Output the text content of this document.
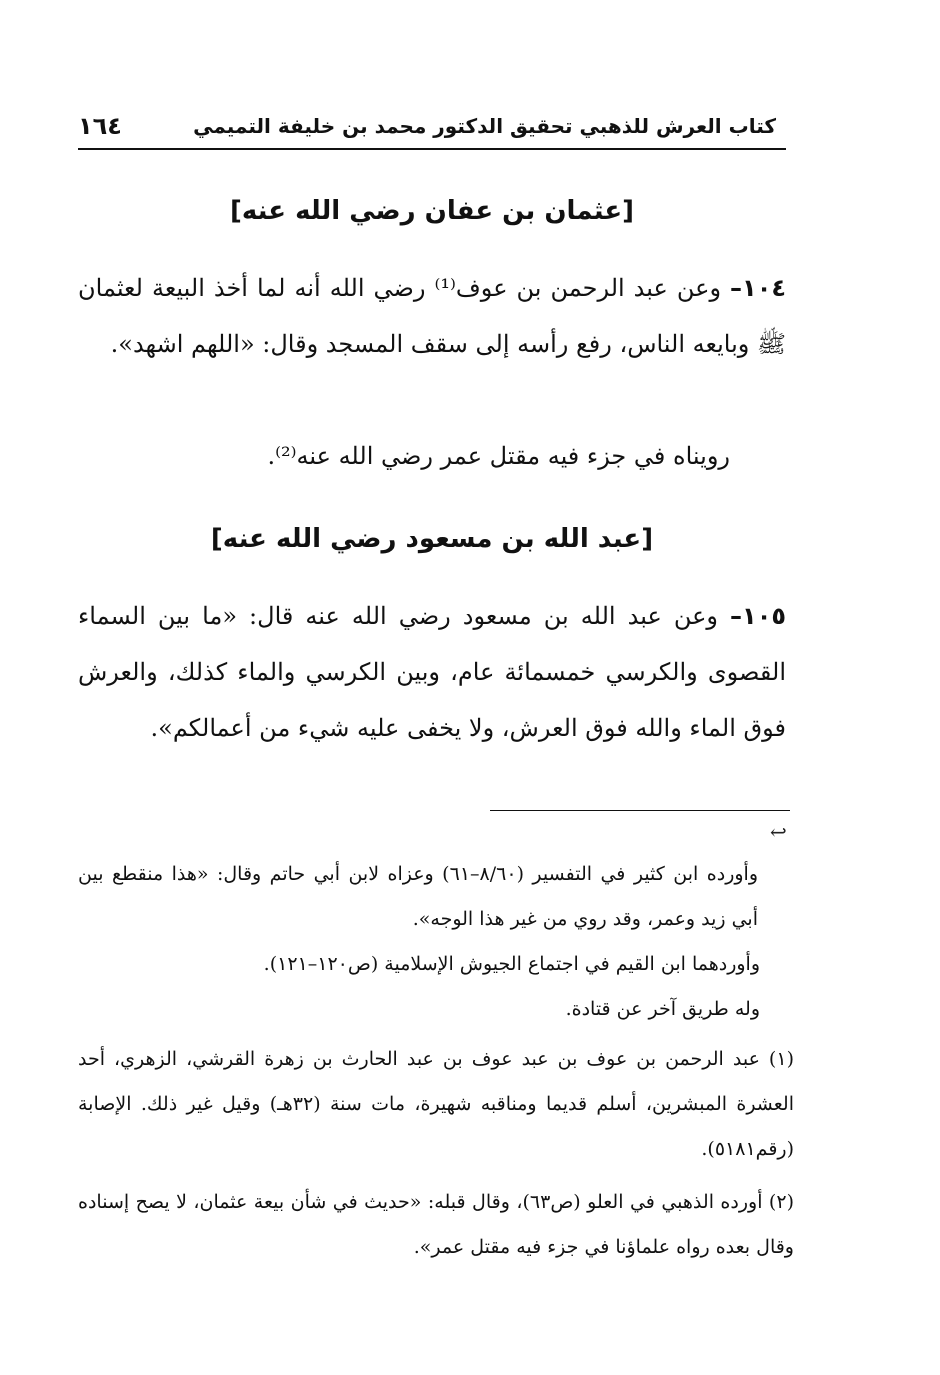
كتاب العرش للذهبي تحقيق الدكتور محمد بن خليفة التميمي
١٦٤
[عثمان بن عفان رضي الله عنه]
١٠٤– وعن عبد الرحمن بن عوف⁽¹⁾ رضي الله أنه لما أخذ البيعة لعثمان ﷺ وبايعه الناس، رفع رأسه إلى سقف المسجد وقال: «اللهم اشهد».
رويناه في جزء فيه مقتل عمر رضي الله عنه⁽²⁾.
[عبد الله بن مسعود رضي الله عنه]
١٠٥– وعن عبد الله بن مسعود رضي الله عنه قال: «ما بين السماء القصوى والكرسي خمسمائة عام، وبين الكرسي والماء كذلك، والعرش فوق الماء والله فوق العرش، ولا يخفى عليه شيء من أعمالكم».
↩
وأورده ابن كثير في التفسير (٨/٦٠–٦١) وعزاه لابن أبي حاتم وقال: «هذا منقطع بين أبي زيد وعمر، وقد روي من غير هذا الوجه».
وأوردهما ابن القيم في اجتماع الجيوش الإسلامية (ص١٢٠–١٢١).
وله طريق آخر عن قتادة.
(١) عبد الرحمن بن عوف بن عبد عوف بن عبد الحارث بن زهرة القرشي، الزهري، أحد العشرة المبشرين، أسلم قديما ومناقبه شهيرة، مات سنة (٣٢هـ) وقيل غير ذلك. الإصابة (رقم٥١٨١).
(٢) أورده الذهبي في العلو (ص٦٣)، وقال قبله: «حديث في شأن بيعة عثمان، لا يصح إسناده وقال بعده رواه علماؤنا في جزء فيه مقتل عمر».
